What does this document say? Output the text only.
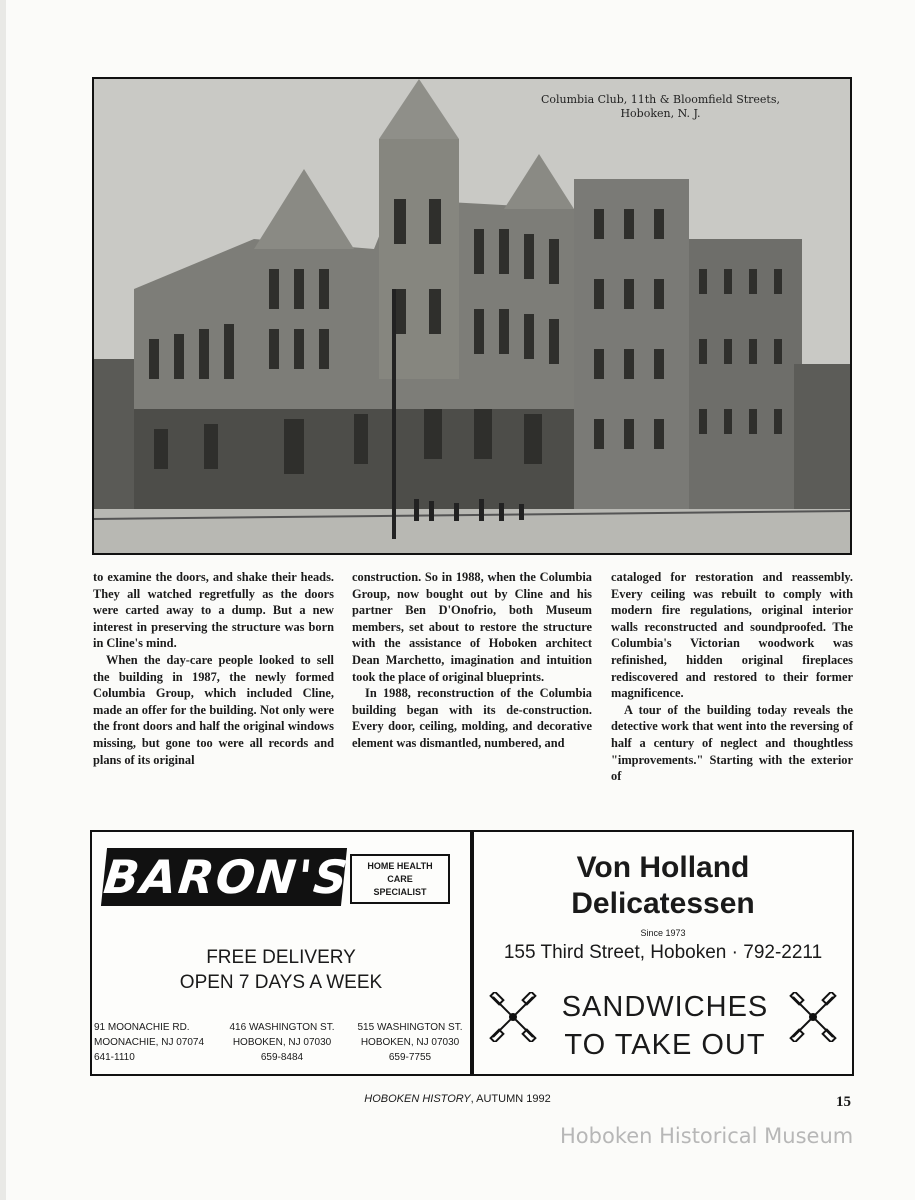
Columbia Club, 11th & Bloomfield Streets,
Hoboken, N. J.

to examine the doors, and shake their heads. They all watched regretfully as the doors were carted away to a dump. But a new interest in preserving the structure was born in Cline's mind.

When the day-care people looked to sell the building in 1987, the newly formed Columbia Group, which included Cline, made an offer for the building. Not only were the front doors and half the original windows missing, but gone too were all records and plans of its original

construction. So in 1988, when the Columbia Group, now bought out by Cline and his partner Ben D'Onofrio, both Museum members, set about to restore the structure with the assistance of Hoboken architect Dean Marchetto, imagination and intuition took the place of original blueprints.

In 1988, reconstruction of the Columbia building began with its de-construction. Every door, ceiling, molding, and decorative element was dismantled, numbered, and

cataloged for restoration and reassembly. Every ceiling was rebuilt to comply with modern fire regulations, original interior walls reconstructed and soundproofed. The Columbia's Victorian woodwork was refinished, hidden original fireplaces rediscovered and restored to their former magnificence.

A tour of the building today reveals the detective work that went into the reversing of half a century of neglect and thoughtless "improvements." Starting with the exterior of

BARON'S	HOME HEALTH
CARE
SPECIALIST
FREE DELIVERY
OPEN 7 DAYS A WEEK
91 MOONACHIE RD.
MOONACHIE, NJ 07074
641-1110
416 WASHINGTON ST.
HOBOKEN, NJ 07030
659-8484
515 WASHINGTON ST.
HOBOKEN, NJ 07030
659-7755
Von Holland
Delicatessen
Since 1973
155 Third Street, Hoboken · 792-2211
SANDWICHES
TO TAKE OUT
HOBOKEN HISTORY, AUTUMN 1992	15
Hoboken Historical Museum
